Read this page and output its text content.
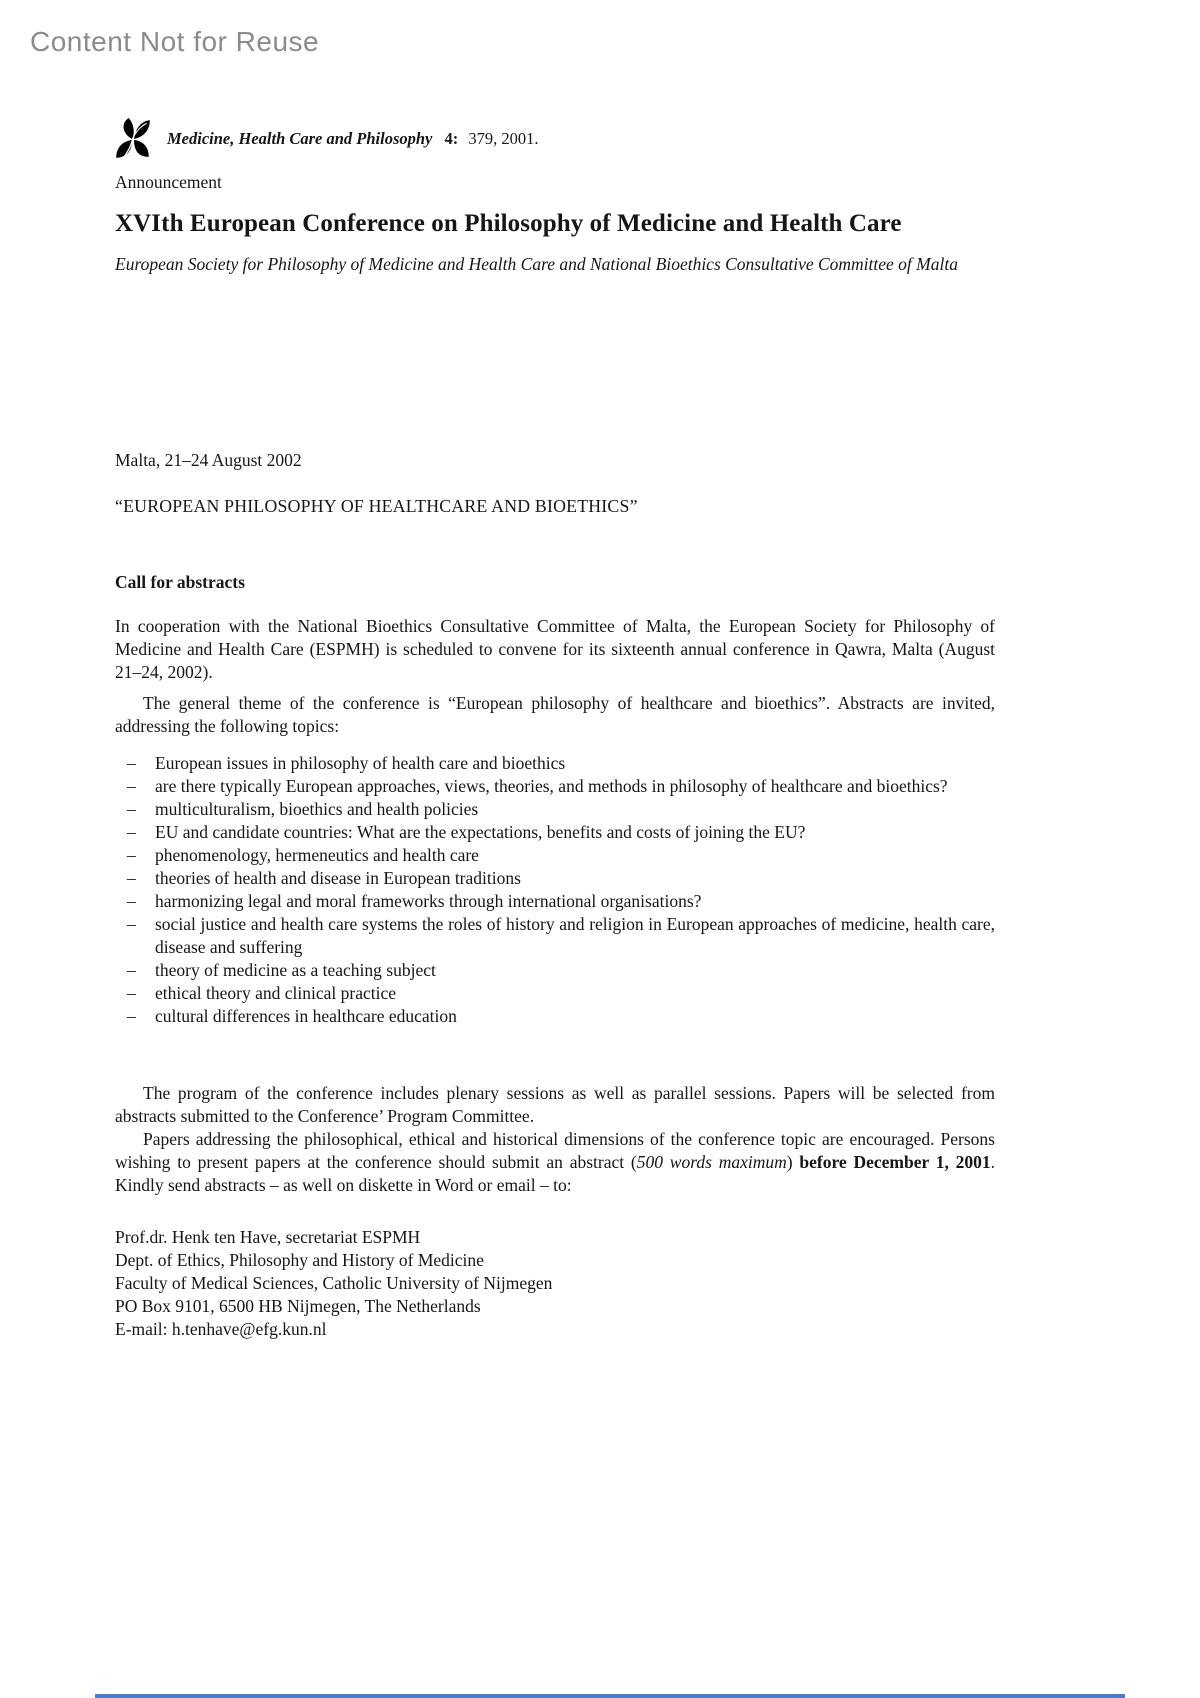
Content Not for Reuse
Medicine, Health Care and Philosophy 4: 379, 2001.
Announcement
XVIth European Conference on Philosophy of Medicine and Health Care
European Society for Philosophy of Medicine and Health Care and National Bioethics Consultative Committee of Malta
Malta, 21–24 August 2002
“EUROPEAN PHILOSOPHY OF HEALTHCARE AND BIOETHICS”
Call for abstracts

In cooperation with the National Bioethics Consultative Committee of Malta, the European Society for Philosophy of Medicine and Health Care (ESPMH) is scheduled to convene for its sixteenth annual conference in Qawra, Malta (August 21–24, 2002).

The general theme of the conference is “European philosophy of healthcare and bioethics”. Abstracts are invited, addressing the following topics:

–	European issues in philosophy of health care and bioethics
–	are there typically European approaches, views, theories, and methods in philosophy of healthcare and bioethics?
–	multiculturalism, bioethics and health policies
–	EU and candidate countries: What are the expectations, benefits and costs of joining the EU?
–	phenomenology, hermeneutics and health care
–	theories of health and disease in European traditions
–	harmonizing legal and moral frameworks through international organisations?
–	social justice and health care systems the roles of history and religion in European approaches of medicine, health care, disease and suffering
–	theory of medicine as a teaching subject
–	ethical theory and clinical practice
–	cultural differences in healthcare education

The program of the conference includes plenary sessions as well as parallel sessions. Papers will be selected from abstracts submitted to the Conference’ Program Committee.

Papers addressing the philosophical, ethical and historical dimensions of the conference topic are encouraged. Persons wishing to present papers at the conference should submit an abstract (500 words maximum) before December 1, 2001. Kindly send abstracts – as well on diskette in Word or email – to:

Prof.dr. Henk ten Have, secretariat ESPMH
Dept. of Ethics, Philosophy and History of Medicine
Faculty of Medical Sciences, Catholic University of Nijmegen
PO Box 9101, 6500 HB Nijmegen, The Netherlands
E-mail: h.tenhave@efg.kun.nl
